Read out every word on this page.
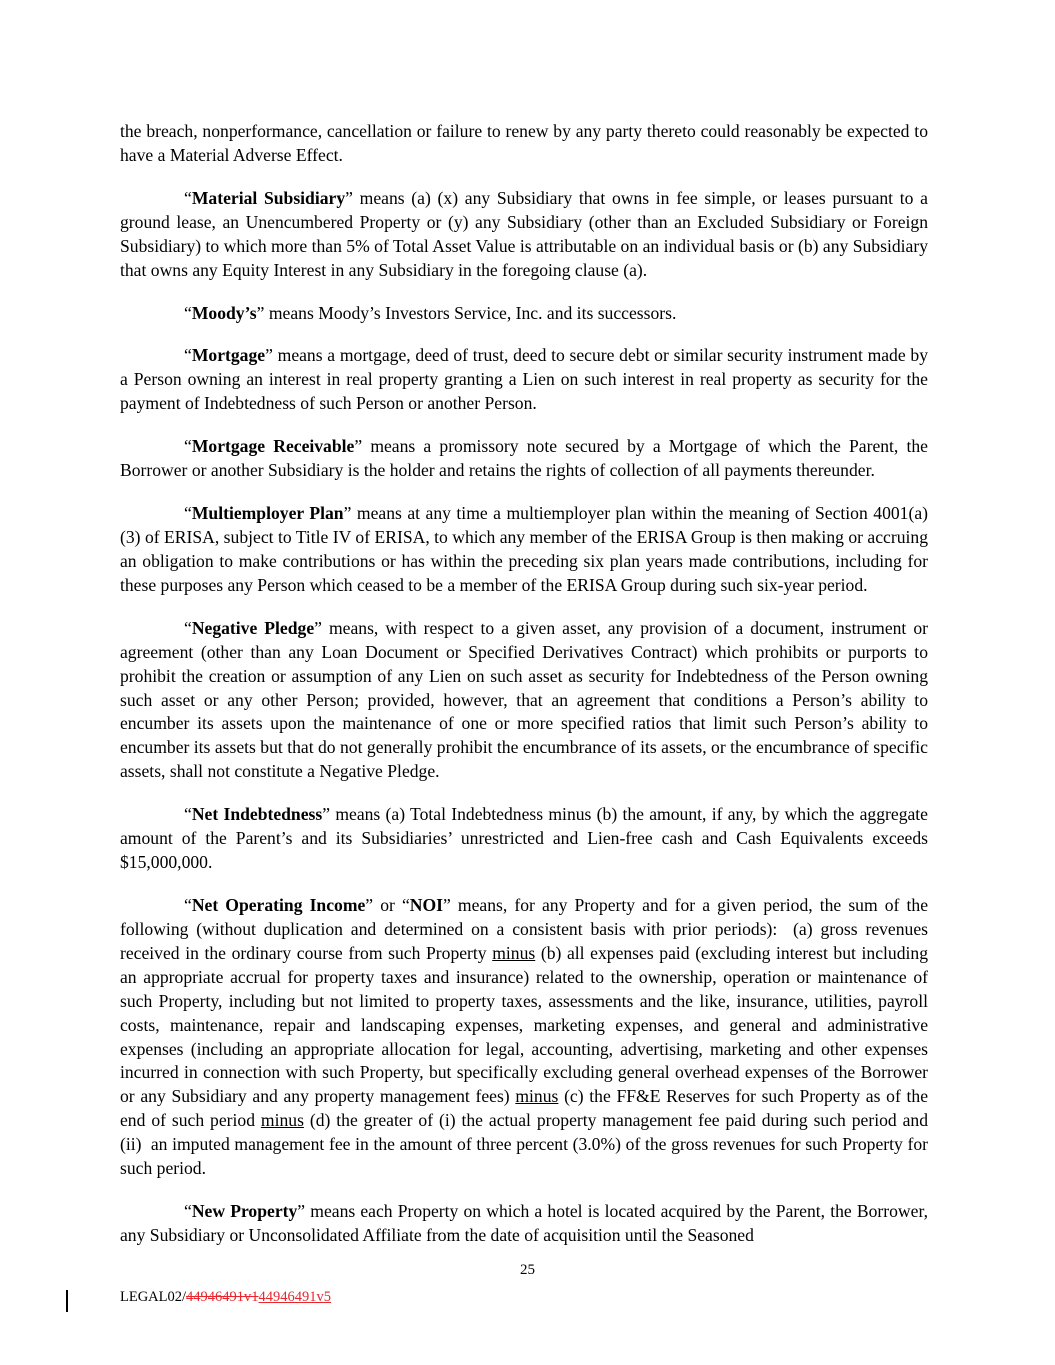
the breach, nonperformance, cancellation or failure to renew by any party thereto could reasonably be expected to have a Material Adverse Effect.

“Material Subsidiary” means (a) (x) any Subsidiary that owns in fee simple, or leases pursuant to a ground lease, an Unencumbered Property or (y) any Subsidiary (other than an Excluded Subsidiary or Foreign Subsidiary) to which more than 5% of Total Asset Value is attributable on an individual basis or (b) any Subsidiary that owns any Equity Interest in any Subsidiary in the foregoing clause (a).

“Moody’s” means Moody’s Investors Service, Inc. and its successors.

“Mortgage” means a mortgage, deed of trust, deed to secure debt or similar security instrument made by a Person owning an interest in real property granting a Lien on such interest in real property as security for the payment of Indebtedness of such Person or another Person.

“Mortgage Receivable” means a promissory note secured by a Mortgage of which the Parent, the Borrower or another Subsidiary is the holder and retains the rights of collection of all payments thereunder.

“Multiemployer Plan” means at any time a multiemployer plan within the meaning of Section 4001(a)(3) of ERISA, subject to Title IV of ERISA, to which any member of the ERISA Group is then making or accruing an obligation to make contributions or has within the preceding six plan years made contributions, including for these purposes any Person which ceased to be a member of the ERISA Group during such six-year period.

“Negative Pledge” means, with respect to a given asset, any provision of a document, instrument or agreement (other than any Loan Document or Specified Derivatives Contract) which prohibits or purports to prohibit the creation or assumption of any Lien on such asset as security for Indebtedness of the Person owning such asset or any other Person; provided, however, that an agreement that conditions a Person’s ability to encumber its assets upon the maintenance of one or more specified ratios that limit such Person’s ability to encumber its assets but that do not generally prohibit the encumbrance of its assets, or the encumbrance of specific assets, shall not constitute a Negative Pledge.

“Net Indebtedness” means (a) Total Indebtedness minus (b) the amount, if any, by which the aggregate amount of the Parent’s and its Subsidiaries’ unrestricted and Lien-free cash and Cash Equivalents exceeds $15,000,000.

“Net Operating Income” or “NOI” means, for any Property and for a given period, the sum of the following (without duplication and determined on a consistent basis with prior periods):  (a) gross revenues received in the ordinary course from such Property minus (b) all expenses paid (excluding interest but including an appropriate accrual for property taxes and insurance) related to the ownership, operation or maintenance of such Property, including but not limited to property taxes, assessments and the like, insurance, utilities, payroll costs, maintenance, repair and landscaping expenses, marketing expenses, and general and administrative expenses (including an appropriate allocation for legal, accounting, advertising, marketing and other expenses incurred in connection with such Property, but specifically excluding general overhead expenses of the Borrower or any Subsidiary and any property management fees) minus (c) the FF&E Reserves for such Property as of the end of such period minus (d) the greater of (i) the actual property management fee paid during such period and (ii)  an imputed management fee in the amount of three percent (3.0%) of the gross revenues for such Property for such period.

“New Property” means each Property on which a hotel is located acquired by the Parent, the Borrower, any Subsidiary or Unconsolidated Affiliate from the date of acquisition until the Seasoned

25
LEGAL02/44946491v144946491v5
